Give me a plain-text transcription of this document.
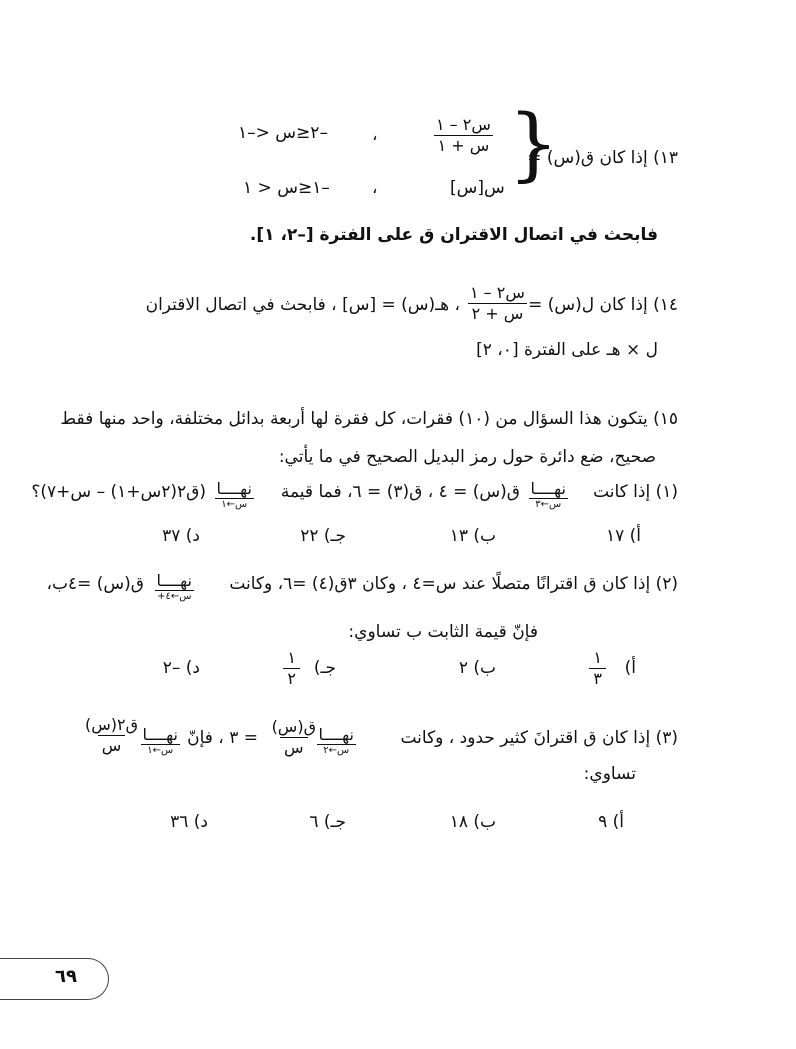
١٣) إذا كان ق(س) =
{
س٢ – ١
س + ١
،
–٢≤س <–١
س[س]
،
–١≤س < ١
فابحث في اتصال الاقتران ق على الفترة [–٢، ١].
١٤) إذا كان ل(س) =
س٢ – ١
س + ٢
، هـ(س) = [س] ، فابحث في اتصال الاقتران
ل × هـ على الفترة [٠، ٢]
١٥) يتكون هذا السؤال من (١٠) فقرات، كل فقرة لها أربعة بدائل مختلفة، واحد منها فقط
صحيح، ضع دائرة حول رمز البديل الصحيح في ما يأتي:
(١) إذا كانت
نهــــا
س←٣
ق(س) = ٤ ، ق(٣) = ٦، فما قيمة
نهــــا
س←١
(ق٢(٢س+١) – س+٧)؟
أ) ١٧
ب) ١٣
جـ) ٢٢
د) ٣٧
(٢) إذا كان ق اقترانًا متصلًا عند س=٤ ، وكان ٣ق(٤) =٦، وكانت
نهــــا
س←٤+
ق(س) =٤ب،
فإنّ قيمة الثابت ب تساوي:
أ)
١
٣
ب) ٢
جـ)
١
٢
د) –٢
(٣) إذا كان ق اقترانَ كثير حدود ، وكانت
نهــــا
س←٢
ق(س)
س
= ٣ ، فإنّ
نهــــا
س←١
ق٢(س)
س
تساوي:
أ) ٩
ب) ١٨
جـ) ٦
د) ٣٦
٦٩
